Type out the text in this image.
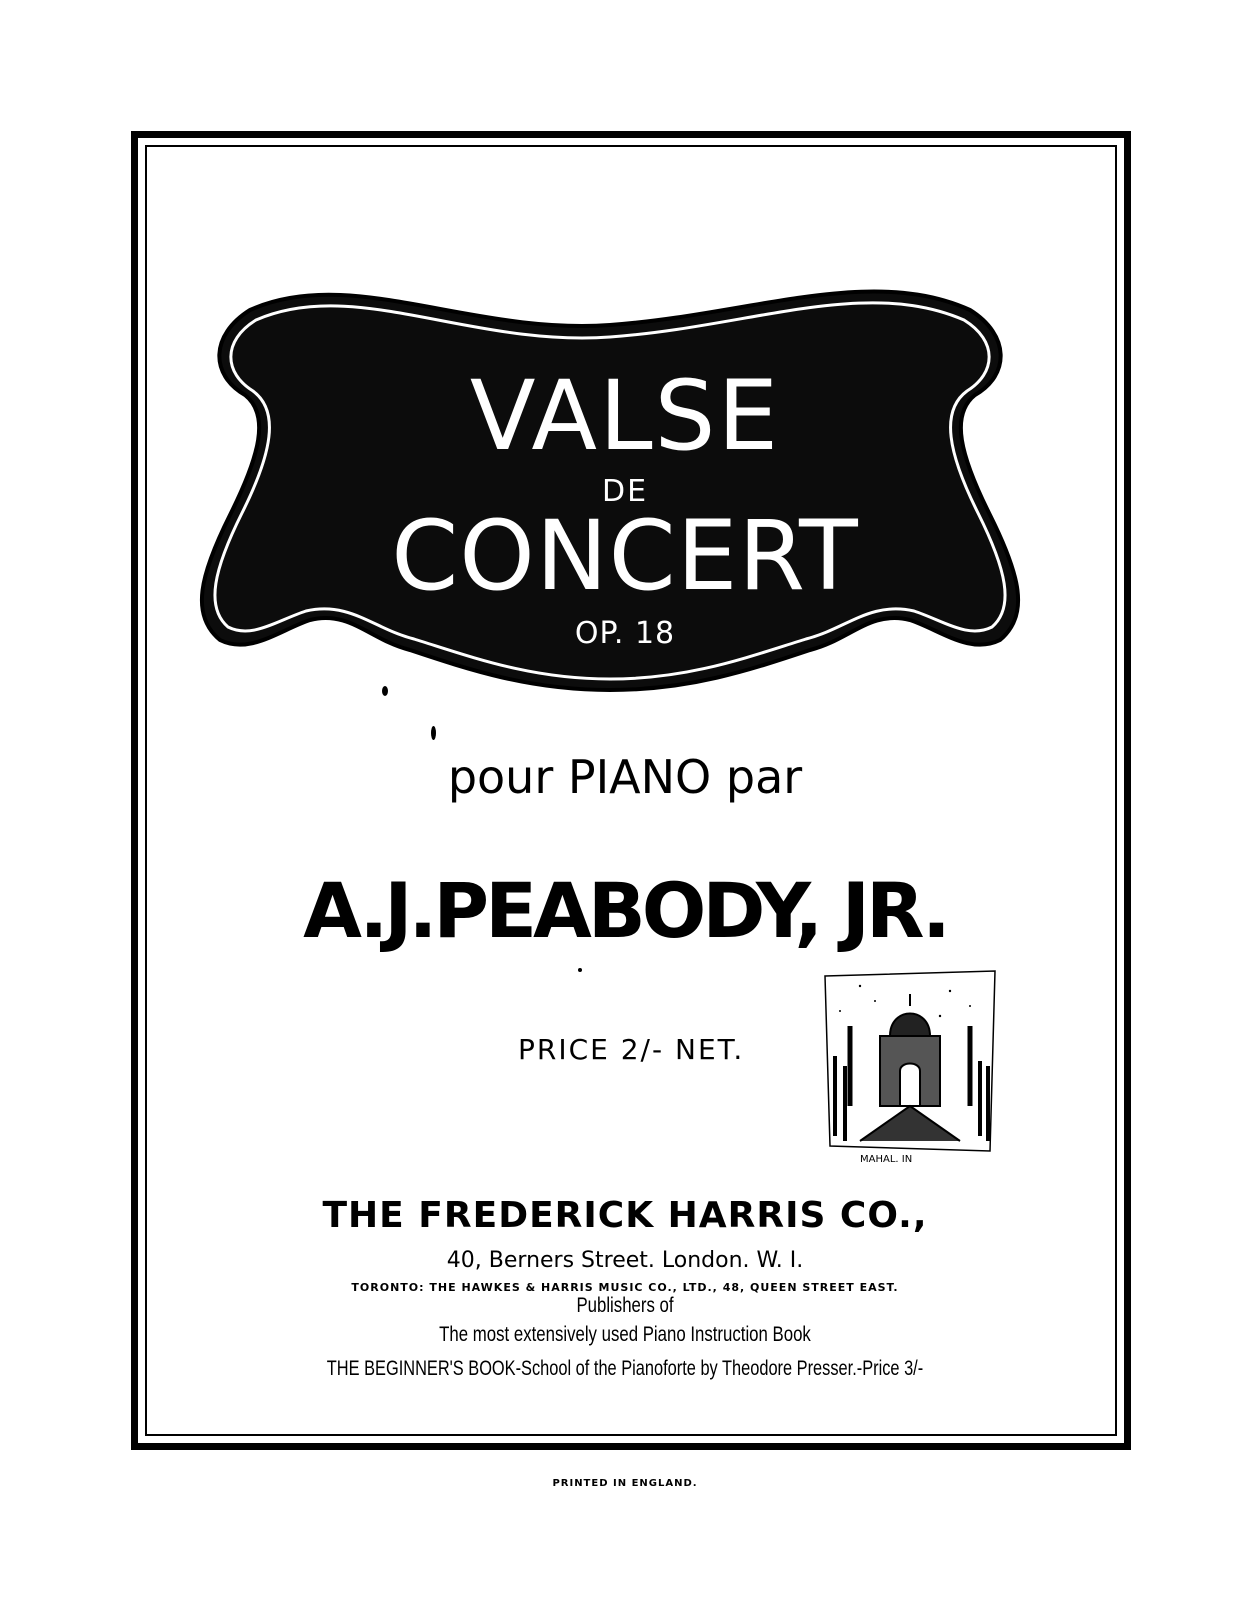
VALSE
DE
CONCERT
OP. 18
pour PIANO par
A.J.PEABODY, JR.
PRICE 2/- NET.
MAHAL. IN
THE FREDERICK HARRIS CO.,
40, Berners Street. London. W. I.
TORONTO: THE HAWKES & HARRIS MUSIC CO., LTD., 48, QUEEN STREET EAST.
Publishers of
The most extensively used Piano Instruction Book
THE BEGINNER'S BOOK-School of the Pianoforte by Theodore Presser.-Price 3/-
PRINTED IN ENGLAND.
